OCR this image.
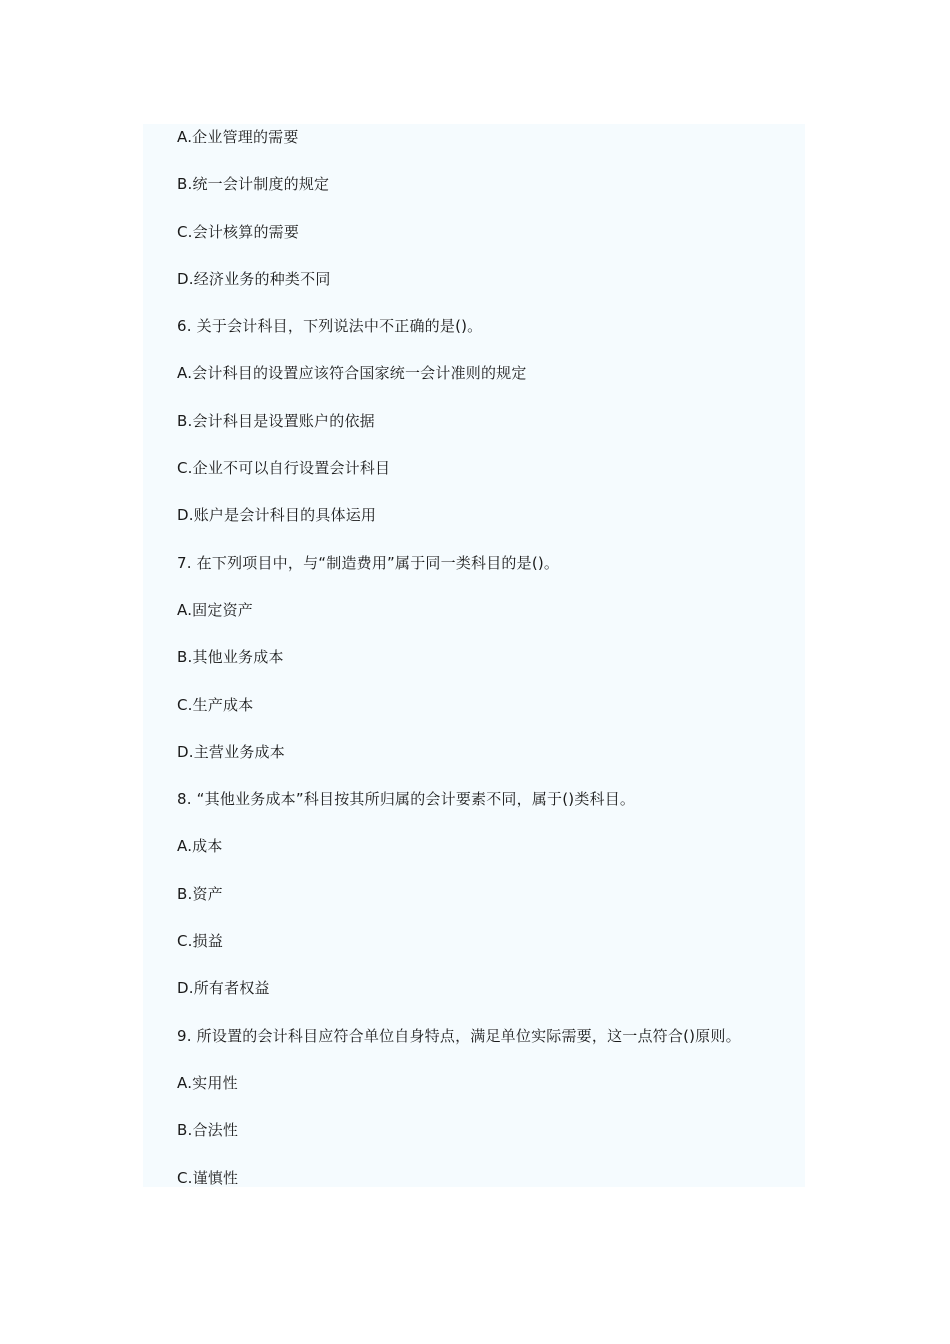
A.企业管理的需要
B.统一会计制度的规定
C.会计核算的需要
D.经济业务的种类不同
6. 关于会计科目，下列说法中不正确的是()。
A.会计科目的设置应该符合国家统一会计准则的规定
B.会计科目是设置账户的依据
C.企业不可以自行设置会计科目
D.账户是会计科目的具体运用
7. 在下列项目中，与“制造费用”属于同一类科目的是()。
A.固定资产
B.其他业务成本
C.生产成本
D.主营业务成本
8. “其他业务成本”科目按其所归属的会计要素不同，属于()类科目。
A.成本
B.资产
C.损益
D.所有者权益
9. 所设置的会计科目应符合单位自身特点，满足单位实际需要，这一点符合()原则。
A.实用性
B.合法性
C.谨慎性
